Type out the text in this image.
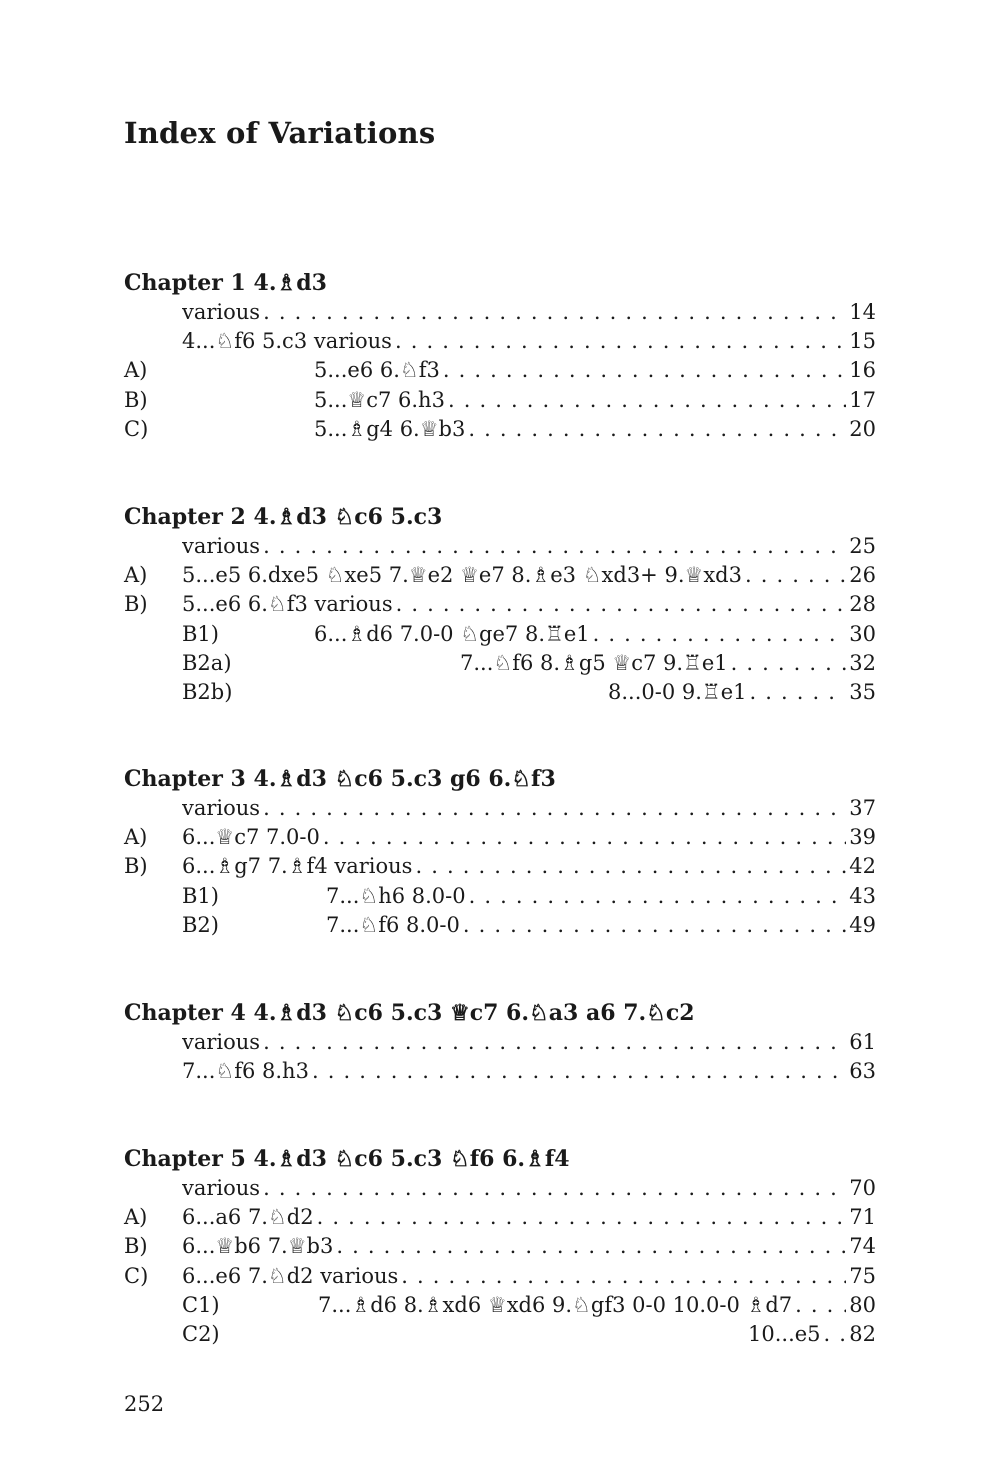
Index of Variations
Chapter 1 4.♗d3
various . . .	14
4...♘f6 5.c3 various . . .	15
A)	5...e6 6.♘f3 . . .	16
B)	5...♕c7 6.h3 . . .	17
C)	5...♗g4 6.♕b3 . . .	20
Chapter 2 4.♗d3 ♘c6 5.c3
various . . .	25
A) 5...e5 6.dxe5 ♘xe5 7.♕e2 ♕e7 8.♗e3 ♘xd3+ 9.♕xd3 . . .	26
B) 5...e6 6.♘f3 various . . .	28
B1)	6...♗d6 7.0-0 ♘ge7 8.♖e1 . . .	30
B2a)	7...♘f6 8.♗g5 ♕c7 9.♖e1 . . .	32
B2b)	8...0-0 9.♖e1 . . .	35
Chapter 3 4.♗d3 ♘c6 5.c3 g6 6.♘f3
various . . .	37
A) 6...♕c7 7.0-0 . . .	39
B) 6...♗g7 7.♗f4 various . . .	42
B1)	7...♘h6 8.0-0 . . .	43
B2)	7...♘f6 8.0-0 . . .	49
Chapter 4 4.♗d3 ♘c6 5.c3 ♕c7 6.♘a3 a6 7.♘c2
various . . .	61
7...♘f6 8.h3 . . .	63
Chapter 5 4.♗d3 ♘c6 5.c3 ♘f6 6.♗f4
various . . .	70
A) 6...a6 7.♘d2 . . .	71
B) 6...♕b6 7.♕b3 . . .	74
C) 6...e6 7.♘d2 various . . .	75
C1)	7...♗d6 8.♗xd6 ♕xd6 9.♘gf3 0-0 10.0-0 ♗d7 . . .	80
C2)	10...e5 . . . 82
252
